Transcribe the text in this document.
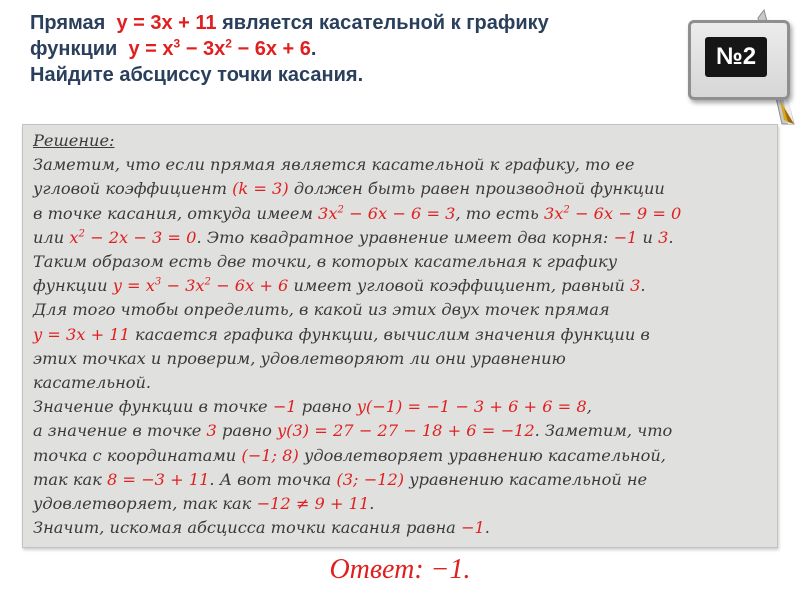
Прямая y = 3x + 11 является касательной к графику
функции $y = x^3 - 3x^2 - 6x + 6$.
Найдите абсциссу точки касания.
№2
Решение:
Заметим, что если прямая является касательной к графику, то ее
угловой коэффициент (k = 3) должен быть равен производной функции
в точке касания, откуда имеем $3x^2 - 6x - 6 = 3$, то есть $3x^2 - 6x - 9 = 0$
или $x^2 - 2x - 3 = 0$. Это квадратное уравнение имеет два корня: −1 и 3.
Таким образом есть две точки, в которых касательная к графику
функции $y = x^3 - 3x^2 - 6x + 6$ имеет угловой коэффициент, равный 3.
Для того чтобы определить, в какой из этих двух точек прямая
y = 3x + 11 касается графика функции, вычислим значения функции в
этих точках и проверим, удовлетворяют ли они уравнению
касательной.
Значение функции в точке −1 равно y(−1) = −1 − 3 + 6 + 6 = 8,
а значение в точке 3 равно y(3) = 27 − 27 − 18 + 6 = −12. Заметим, что
точка с координатами (−1; 8) удовлетворяет уравнению касательной,
так как 8 = −3 + 11. А вот точка (3; −12) уравнению касательной не
удовлетворяет, так как −12 ≠ 9 + 11.
Значит, искомая абсцисса точки касания равна −1.
Ответ: −1.
